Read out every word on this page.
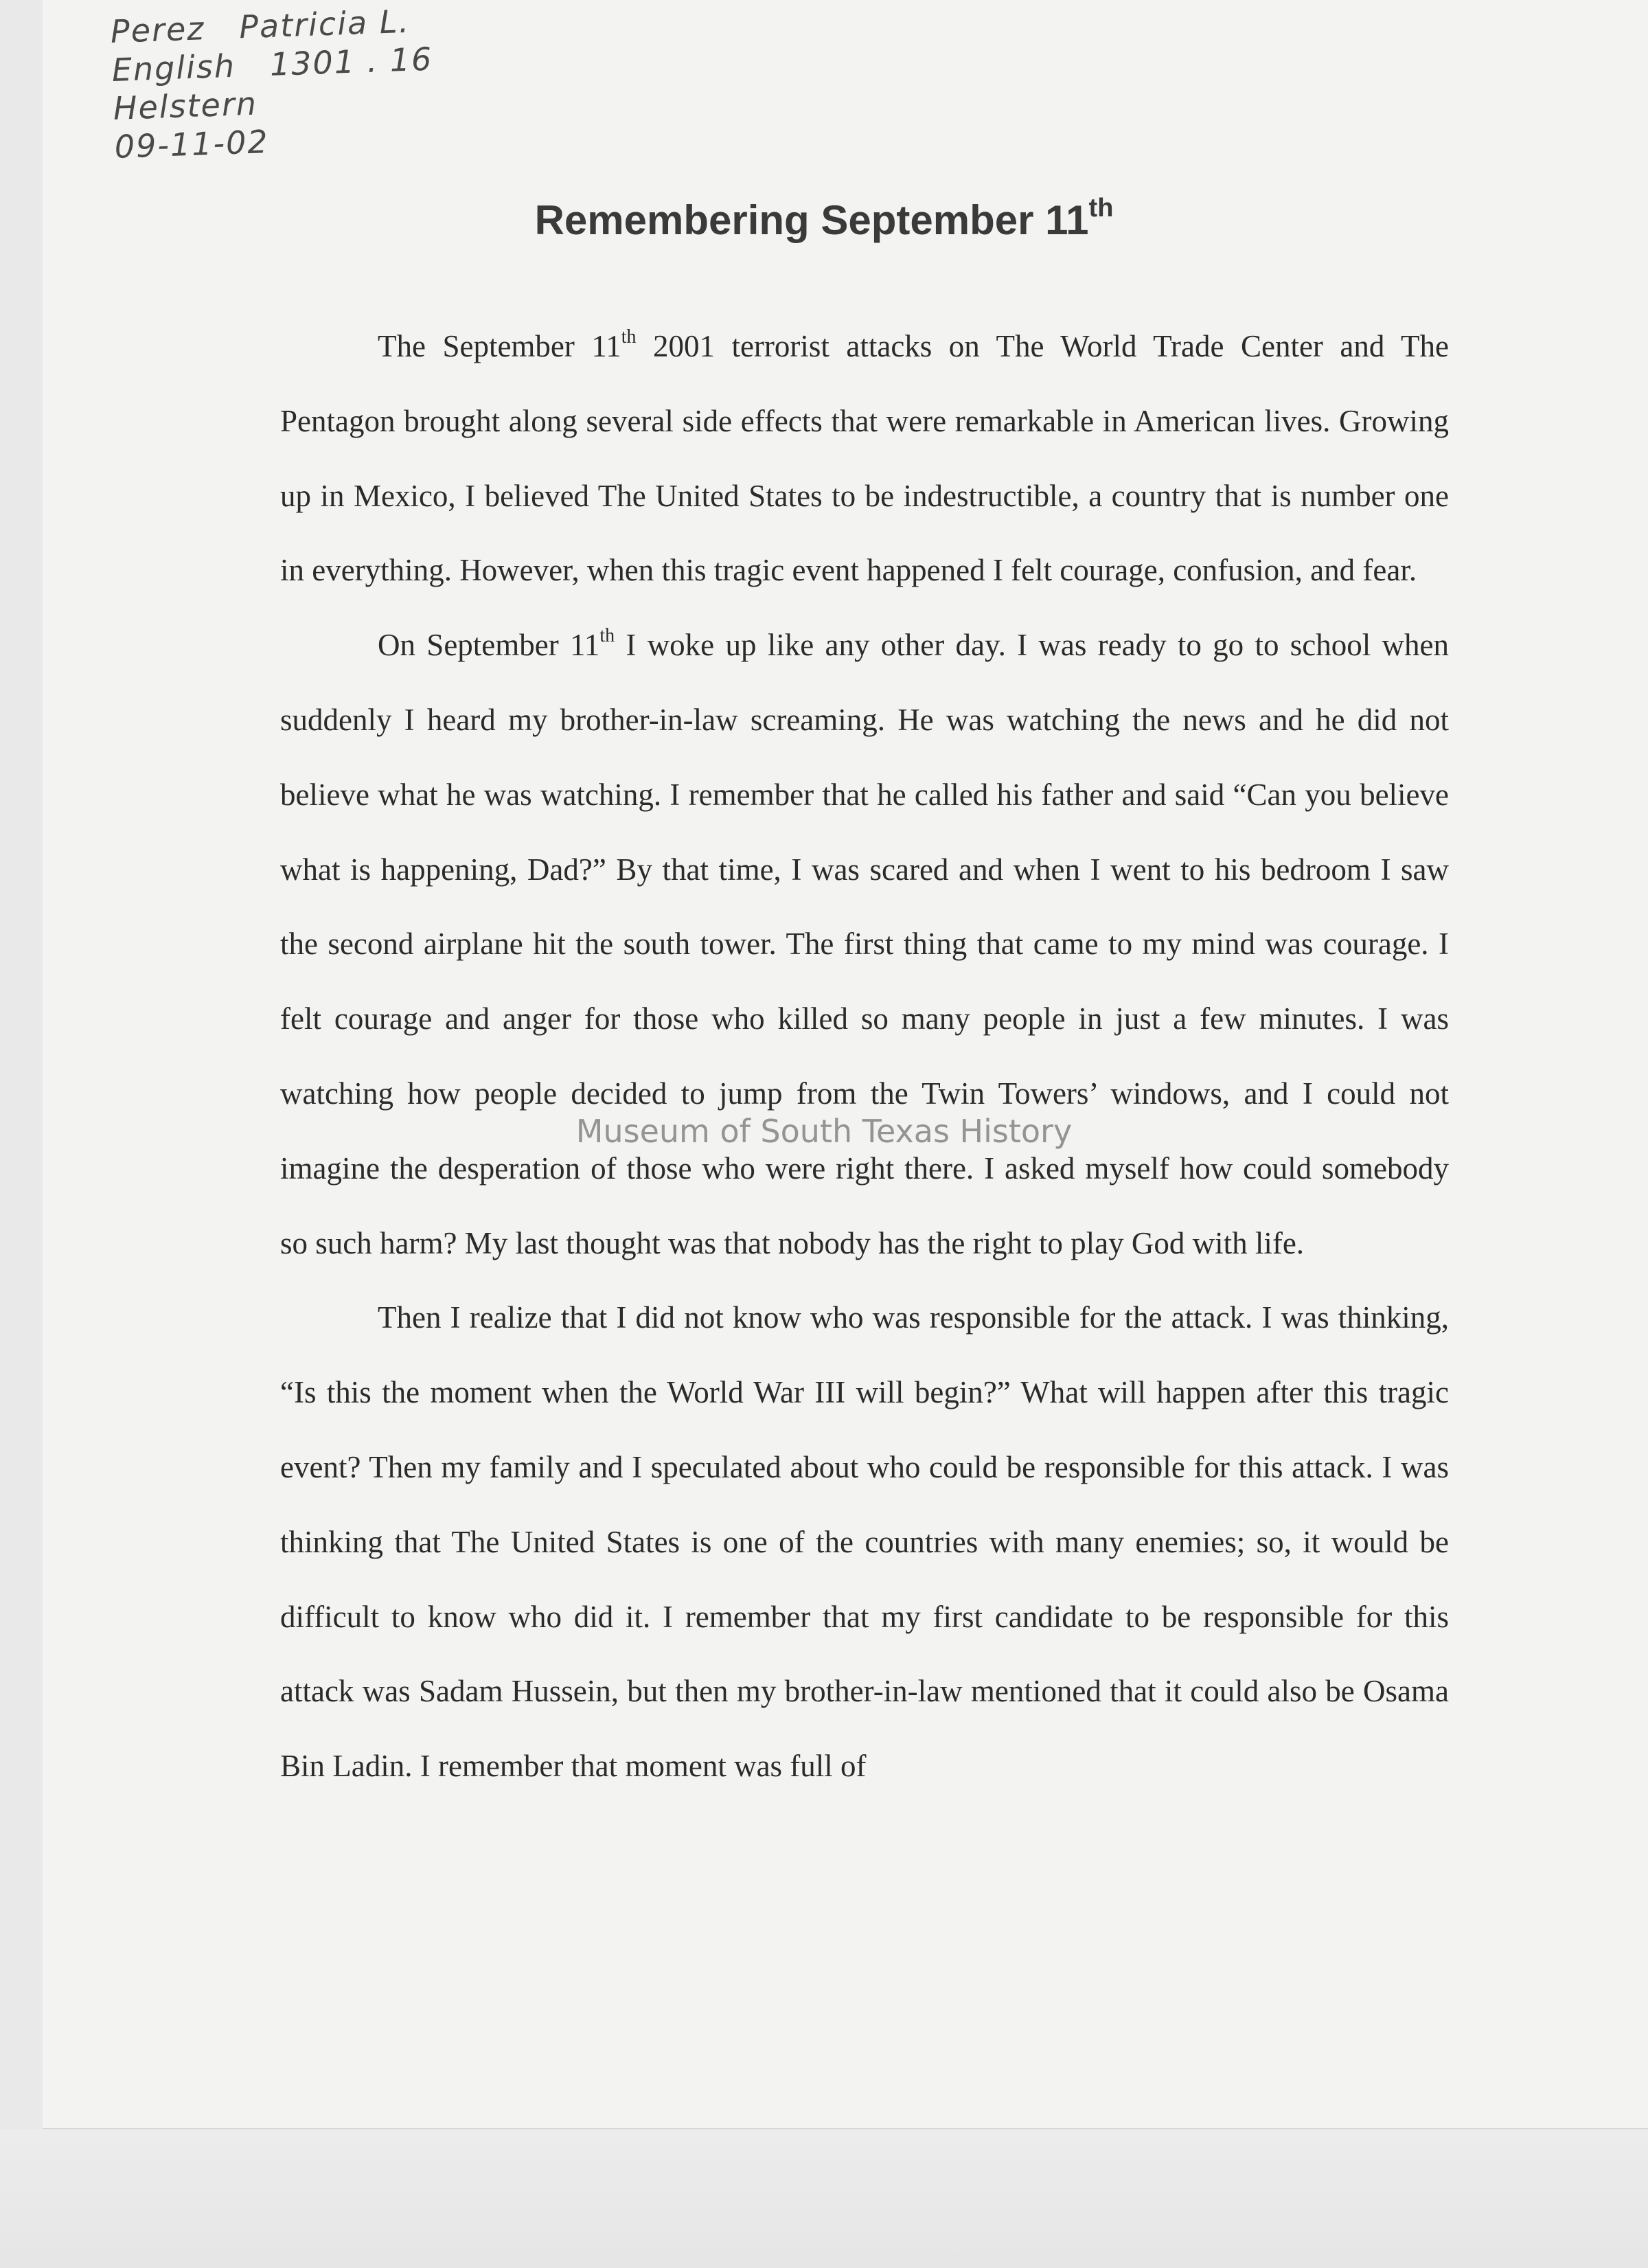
Perez Patricia L.
English 1301 . 16
Helstern
09-11-02
Remembering September 11th

The September 11th 2001 terrorist attacks on The World Trade Center and The Pentagon brought along several side effects that were remarkable in American lives. Growing up in Mexico, I believed The United States to be indestructible, a country that is number one in everything. However, when this tragic event happened I felt courage, confusion, and fear.

On September 11th I woke up like any other day. I was ready to go to school when suddenly I heard my brother-in-law screaming. He was watching the news and he did not believe what he was watching. I remember that he called his father and said “Can you believe what is happening, Dad?” By that time, I was scared and when I went to his bedroom I saw the second airplane hit the south tower. The first thing that came to my mind was courage. I felt courage and anger for those who killed so many people in just a few minutes. I was watching how people decided to jump from the Twin Towers’ windows, and I could not imagine the desperation of those who were right there. I asked myself how could somebody so such harm? My last thought was that nobody has the right to play God with life.

Then I realize that I did not know who was responsible for the attack. I was thinking, “Is this the moment when the World War III will begin?” What will happen after this tragic event? Then my family and I speculated about who could be responsible for this attack. I was thinking that The United States is one of the countries with many enemies; so, it would be difficult to know who did it. I remember that my first candidate to be responsible for this attack was Sadam Hussein, but then my brother-in-law mentioned that it could also be Osama Bin Ladin. I remember that moment was full of

Museum of South Texas History
